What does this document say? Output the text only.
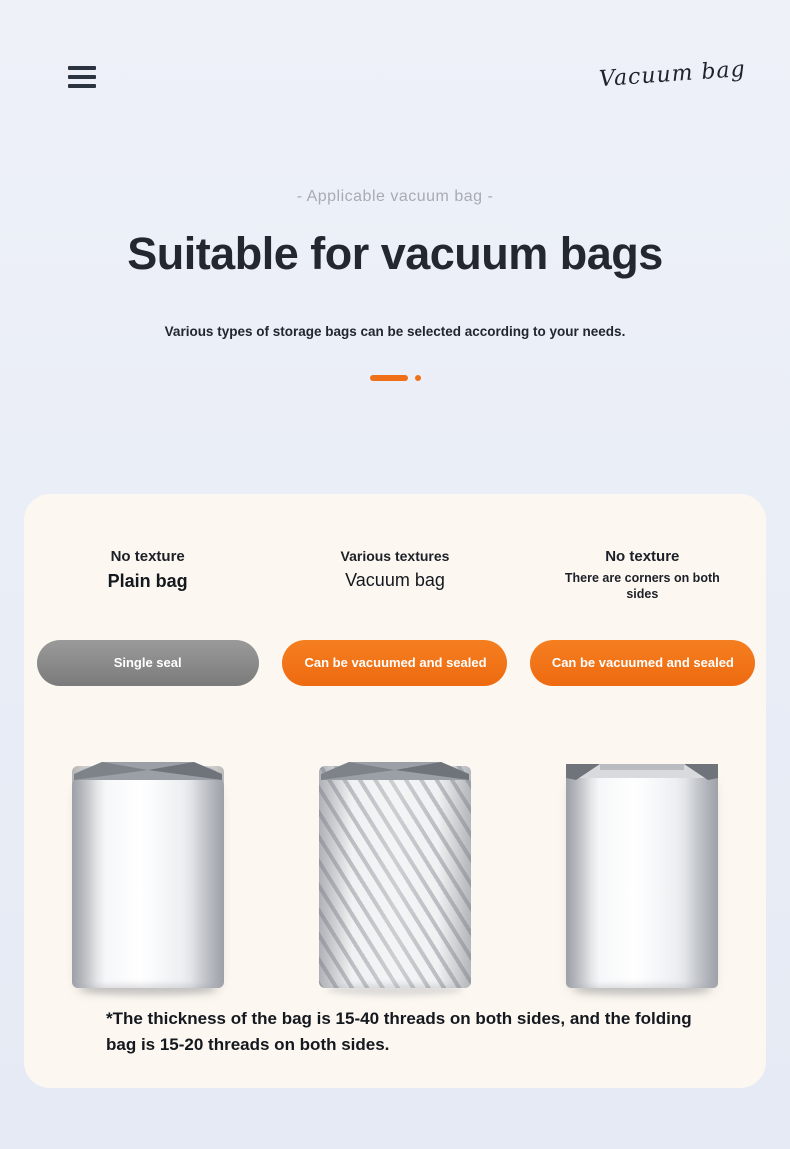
Vacuum bag
- Applicable vacuum bag -
Suitable for vacuum bags
Various types of storage bags can be selected according to your needs.
No texture
Plain bag
Various textures
Vacuum bag
No texture
There are corners on both sides
Single seal	Can be vacuumed and sealed	Can be vacuumed and sealed
*The thickness of the bag is 15-40 threads on both sides, and the folding bag is 15-20 threads on both sides.
